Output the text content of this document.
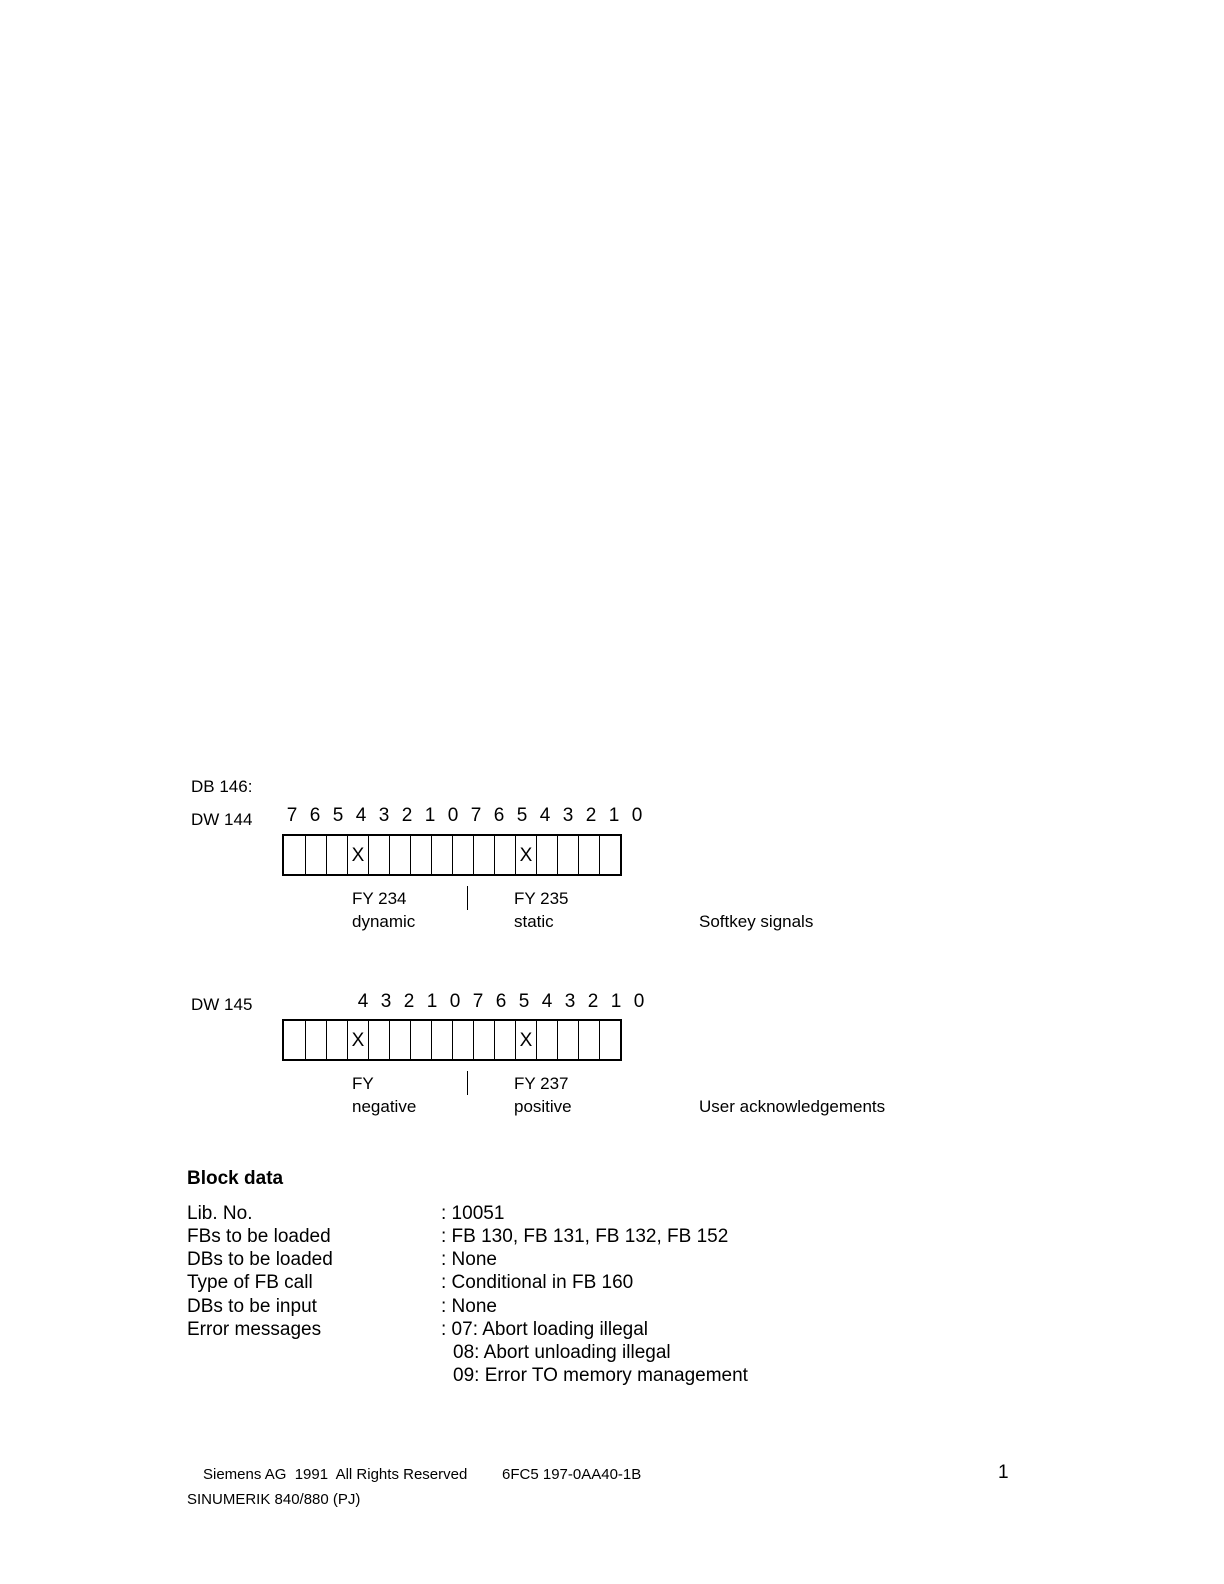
DB 146:
DW 144 7 6 5 4 3 2 1 0 7 6 5 4 3 2 1 0
X	X
FY 234
dynamic
FY 235
static	Softkey signals
DW 145	4 3 2 1 0 7 6 5 4 3 2 1 0
X	X
FY
negative
FY 237
positive	User acknowledgements
Block data
Lib. No.	: 10051
FBs to be loaded	: FB 130, FB 131, FB 132, FB 152
DBs to be loaded	: None
Type of FB call	: Conditional in FB 160
DBs to be input	: None
Error messages	: 07: Abort loading illegal
08: Abort unloading illegal
09: Error TO memory management
Siemens AG  1991  All Rights Reserved 6FC5 197-0AA40-1B	1
SINUMERIK 840/880 (PJ)
